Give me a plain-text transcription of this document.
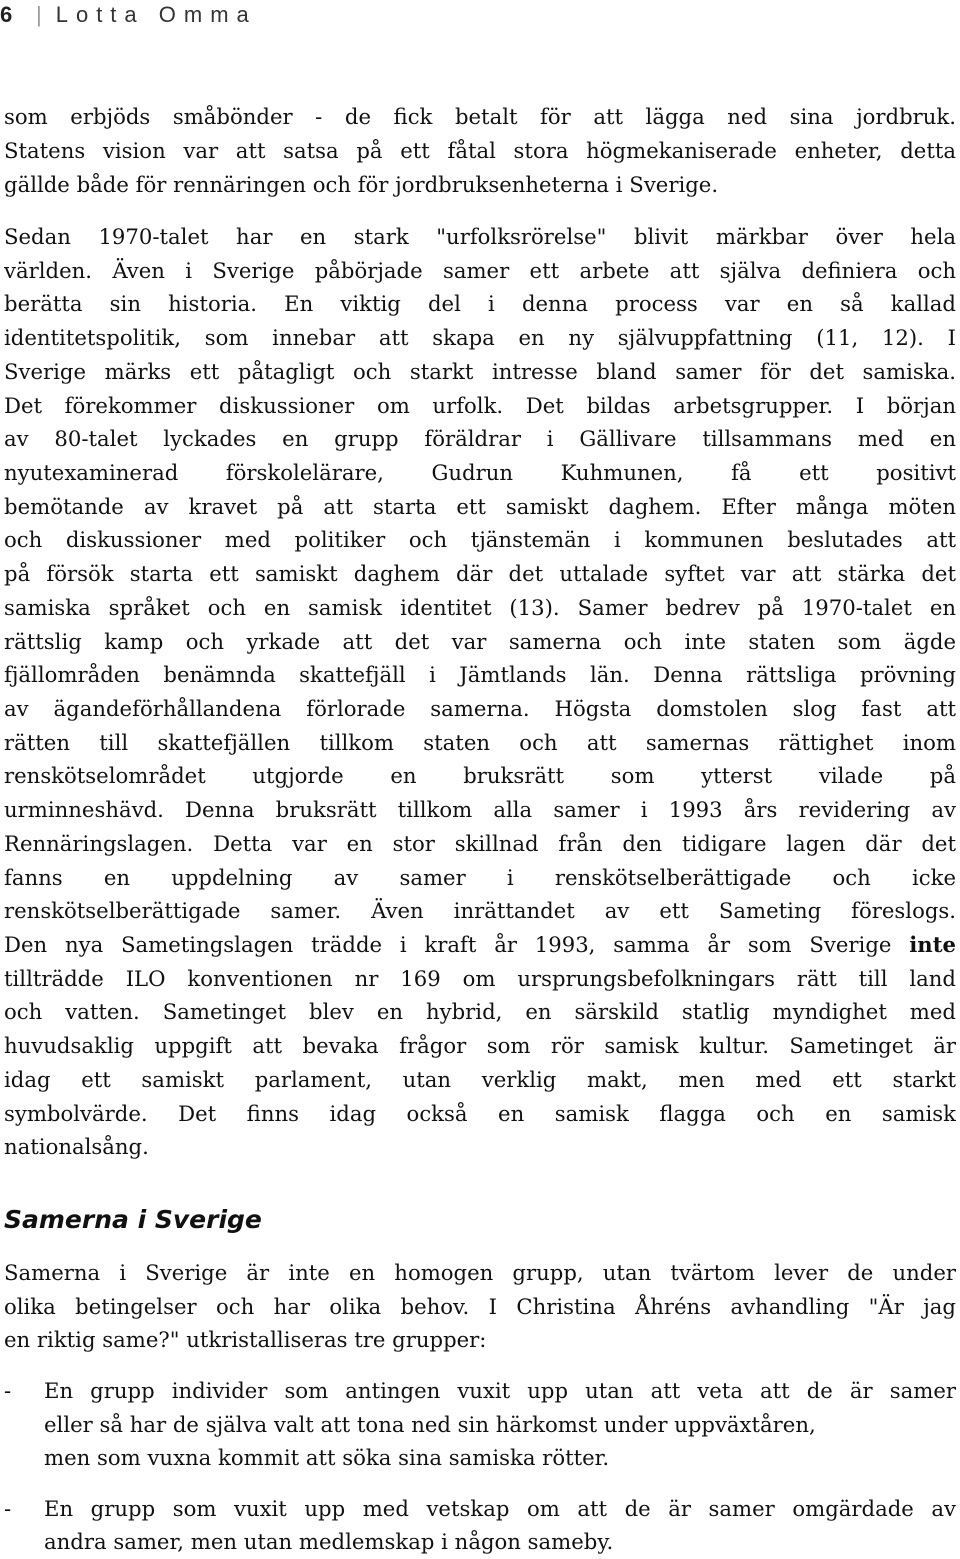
6	| Lotta Omma
som erbjöds småbönder - de fick betalt för att lägga ned sina jordbruk.
Statens vision var att satsa på ett fåtal stora högmekaniserade enheter, detta
gällde både för rennäringen och för jordbruksenheterna i Sverige.
Sedan 1970-talet har en stark "urfolksrörelse" blivit märkbar över hela
världen. Även i Sverige påbörjade samer ett arbete att själva definiera och
berätta sin historia. En viktig del i denna process var en så kallad
identitetspolitik, som innebar att skapa en ny självuppfattning (11, 12). I
Sverige märks ett påtagligt och starkt intresse bland samer för det samiska.
Det förekommer diskussioner om urfolk. Det bildas arbetsgrupper. I början
av 80-talet lyckades en grupp föräldrar i Gällivare tillsammans med en
nyutexaminerad förskolelärare, Gudrun Kuhmunen, få ett positivt
bemötande av kravet på att starta ett samiskt daghem. Efter många möten
och diskussioner med politiker och tjänstemän i kommunen beslutades att
på försök starta ett samiskt daghem där det uttalade syftet var att stärka det
samiska språket och en samisk identitet (13). Samer bedrev på 1970-talet en
rättslig kamp och yrkade att det var samerna och inte staten som ägde
fjällområden benämnda skattefjäll i Jämtlands län. Denna rättsliga prövning
av ägandeförhållandena förlorade samerna. Högsta domstolen slog fast att
rätten till skattefjällen tillkom staten och att samernas rättighet inom
renskötselområdet utgjorde en bruksrätt som ytterst vilade på
urminneshävd. Denna bruksrätt tillkom alla samer i 1993 års revidering av
Rennäringslagen. Detta var en stor skillnad från den tidigare lagen där det
fanns en uppdelning av samer i renskötselberättigade och icke
renskötselberättigade samer. Även inrättandet av ett Sameting föreslogs.
Den nya Sametingslagen trädde i kraft år 1993, samma år som Sverige inte
tillträdde ILO konventionen nr 169 om ursprungsbefolkningars rätt till land
och vatten. Sametinget blev en hybrid, en särskild statlig myndighet med
huvudsaklig uppgift att bevaka frågor som rör samisk kultur. Sametinget är
idag ett samiskt parlament, utan verklig makt, men med ett starkt
symbolvärde. Det finns idag också en samisk flagga och en samisk
nationalsång.
Samerna i Sverige
Samerna i Sverige är inte en homogen grupp, utan tvärtom lever de under
olika betingelser och har olika behov. I Christina Åhréns avhandling "Är jag
en riktig same?" utkristalliseras tre grupper:
-	En grupp individer som antingen vuxit upp utan att veta att de är samer
eller så har de själva valt att tona ned sin härkomst under uppväxtåren,
men som vuxna kommit att söka sina samiska rötter.
-	En grupp som vuxit upp med vetskap om att de är samer omgärdade av
andra samer, men utan medlemskap i någon sameby.
